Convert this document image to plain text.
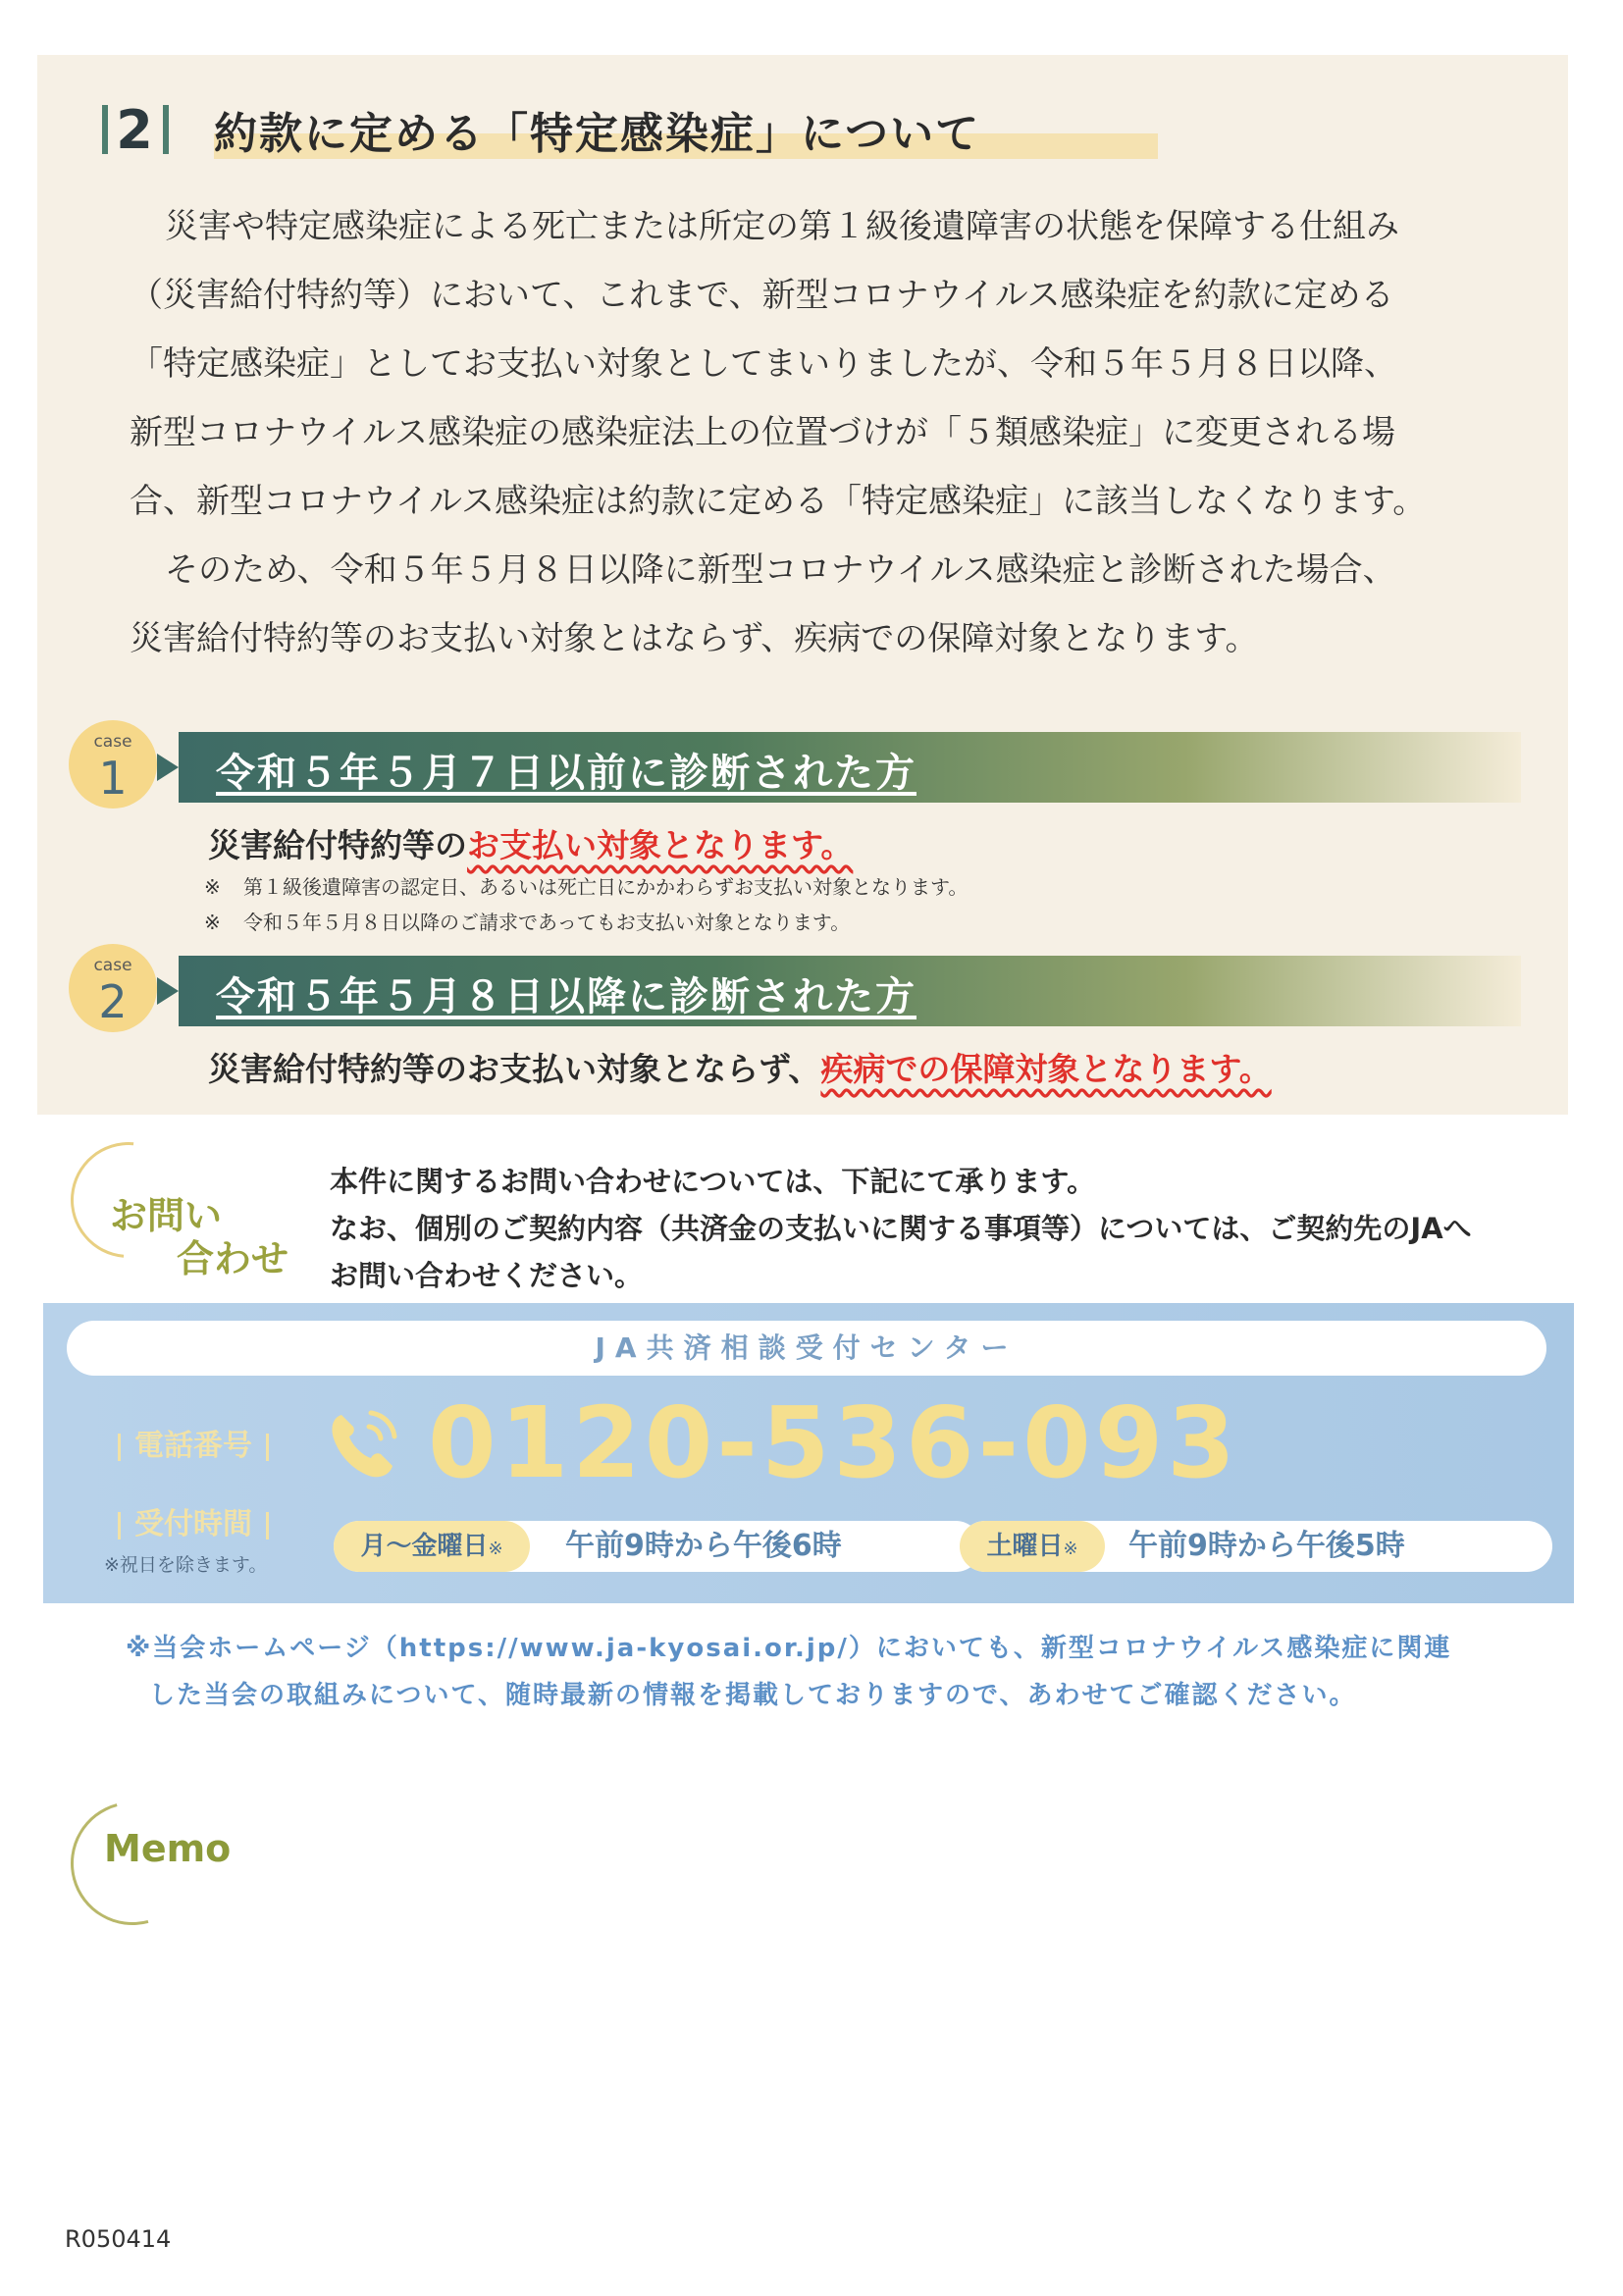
2 約款に定める「特定感染症」について

災害や特定感染症による死亡または所定の第１級後遺障害の状態を保障する仕組み

（災害給付特約等）において、これまで、新型コロナウイルス感染症を約款に定める

「特定感染症」としてお支払い対象としてまいりましたが、令和５年５月８日以降、

新型コロナウイルス感染症の感染症法上の位置づけが「５類感染症」に変更される場

合、新型コロナウイルス感染症は約款に定める「特定感染症」に該当しなくなります。

そのため、令和５年５月８日以降に新型コロナウイルス感染症と診断された場合、

災害給付特約等のお支払い対象とはならず、疾病での保障対象となります。

case
1	令和５年５月７日以前に診断された方
災害給付特約等のお支払い対象となります。
※ 第１級後遺障害の認定日、あるいは死亡日にかかわらずお支払い対象となります。
※ 令和５年５月８日以降のご請求であってもお支払い対象となります。
case
2	令和５年５月８日以降に診断された方
災害給付特約等のお支払い対象とならず、疾病での保障対象となります。
お問い
合わせ

本件に関するお問い合わせについては、下記にて承ります。

なお、個別のご契約内容（共済金の支払いに関する事項等）については、ご契約先のJAへ

お問い合わせください。

JA共済相談受付センター
電話番号	0120-536-093
受付時間
※祝日を除きます。
月～金曜日※	午前9時から午後6時	土曜日※	午前9時から午後5時

※当会ホームページ（https://www.ja-kyosai.or.jp/）においても、新型コロナウイルス感染症に関連

した当会の取組みについて、随時最新の情報を掲載しておりますので、あわせてご確認ください。

Memo
R050414
